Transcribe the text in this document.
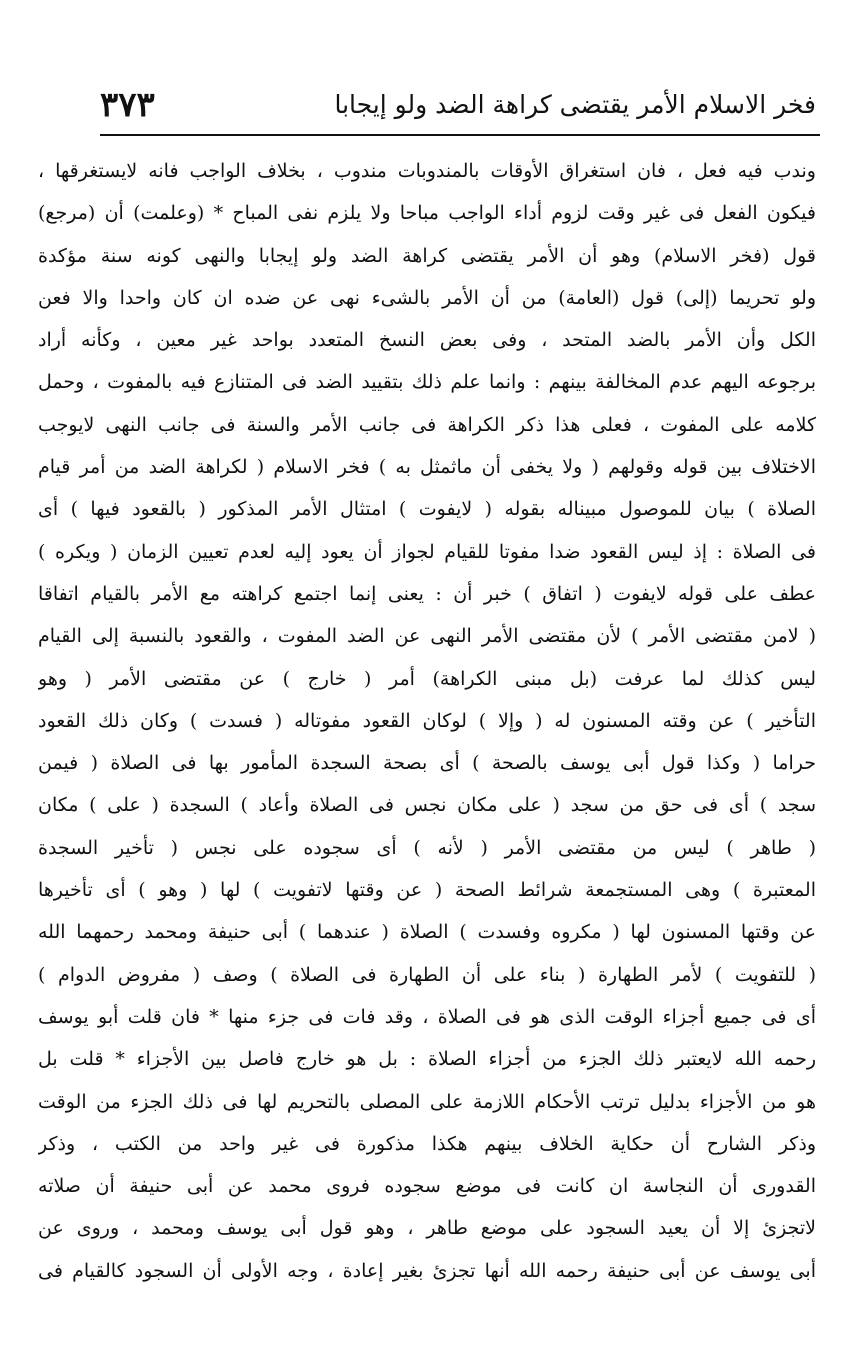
٣٧٣	فخر الاسلام الأمر يقتضى كراهة الضد ولو إيجابا
وندب فيه فعل ، فان استغراق الأوقات بالمندوبات مندوب ، بخلاف الواجب فانه لايستغرقها ،
فيكون الفعل فى غير وقت لزوم أداء الواجب مباحا ولا يلزم نفى المباح * (وعلمت) أن (مرجع)
قول (فخر الاسلام) وهو أن الأمر يقتضى كراهة الضد ولو إيجابا والنهى كونه سنة مؤكدة
ولو تحريما (إلى) قول (العامة) من أن الأمر بالشىء نهى عن ضده ان كان واحدا والا فعن
الكل وأن الأمر بالضد المتحد ، وفى بعض النسخ المتعدد بواحد غير معين ، وكأنه أراد
برجوعه اليهم عدم المخالفة بينهم : وانما علم ذلك بتقييد الضد فى المتنازع فيه بالمفوت ، وحمل
كلامه على المفوت ، فعلى هذا ذكر الكراهة فى جانب الأمر والسنة فى جانب النهى لايوجب
الاختلاف بين قوله وقولهم ( ولا يخفى أن ماثمثل به ) فخر الاسلام ( لكراهة الضد من أمر قيام
الصلاة ) بيان للموصول مبيناله بقوله ( لايفوت ) امتثال الأمر المذكور ( بالقعود فيها ) أى
فى الصلاة : إذ ليس القعود ضدا مفوتا للقيام لجواز أن يعود إليه لعدم تعيين الزمان ( ويكره )
عطف على قوله لايفوت ( اتفاق ) خبر أن : يعنى إنما اجتمع كراهته مع الأمر بالقيام اتفاقا
( لامن مقتضى الأمر ) لأن مقتضى الأمر النهى عن الضد المفوت ، والقعود بالنسبة إلى القيام
ليس كذلك لما عرفت (بل مبنى الكراهة) أمر ( خارج ) عن مقتضى الأمر ( وهو
التأخير ) عن وقته المسنون له ( وإلا ) لوكان القعود مفوتاله ( فسدت ) وكان ذلك القعود
حراما ( وكذا قول أبى يوسف بالصحة ) أى بصحة السجدة المأمور بها فى الصلاة ( فيمن
سجد ) أى فى حق من سجد ( على مكان نجس فى الصلاة وأعاد ) السجدة ( على ) مكان
( طاهر ) ليس من مقتضى الأمر ( لأنه ) أى سجوده على نجس ( تأخير السجدة
المعتبرة ) وهى المستجمعة شرائط الصحة ( عن وقتها لاتفويت ) لها ( وهو ) أى تأخيرها
عن وقتها المسنون لها ( مكروه وفسدت ) الصلاة ( عندهما ) أبى حنيفة ومحمد رحمهما الله
( للتفويت ) لأمر الطهارة ( بناء على أن الطهارة فى الصلاة ) وصف ( مفروض الدوام )
أى فى جميع أجزاء الوقت الذى هو فى الصلاة ، وقد فات فى جزء منها * فان قلت أبو يوسف
رحمه الله لايعتبر ذلك الجزء من أجزاء الصلاة : بل هو خارج فاصل بين الأجزاء * قلت بل
هو من الأجزاء بدليل ترتب الأحكام اللازمة على المصلى بالتحريم لها فى ذلك الجزء من الوقت
وذكر الشارح أن حكاية الخلاف بينهم هكذا مذكورة فى غير واحد من الكتب ، وذكر
القدورى أن النجاسة ان كانت فى موضع سجوده فروى محمد عن أبى حنيفة أن صلاته
لاتجزئ إلا أن يعيد السجود على موضع طاهر ، وهو قول أبى يوسف ومحمد ، وروى عن
أبى يوسف عن أبى حنيفة رحمه الله أنها تجزئ بغير إعادة ، وجه الأولى أن السجود كالقيام فى
